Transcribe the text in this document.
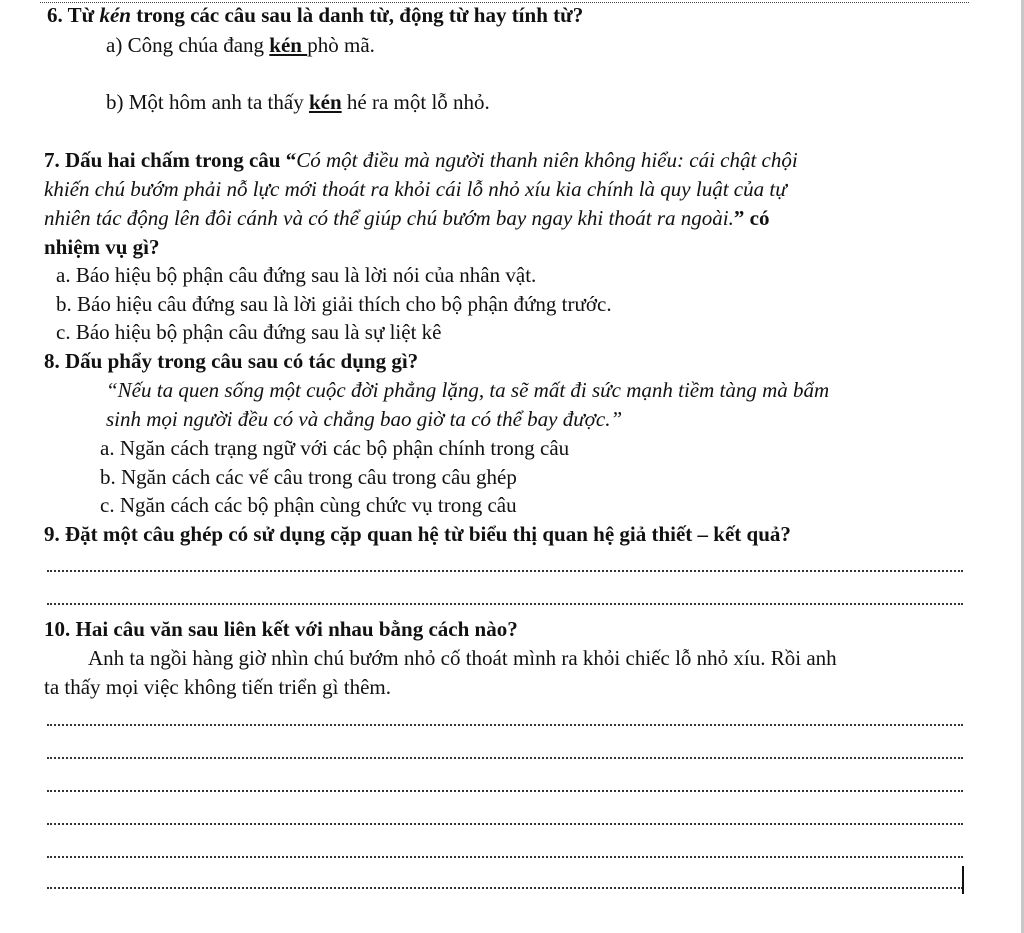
6. Từ kén trong các câu sau là danh từ, động từ hay tính từ?
a) Công chúa đang kén phò mã.
b) Một hôm anh ta thấy kén hé ra một lỗ nhỏ.
7. Dấu hai chấm trong câu “Có một điều mà người thanh niên không hiểu: cái chật chội
khiến chú bướm phải nỗ lực mới thoát ra khỏi cái lỗ nhỏ xíu kia chính là quy luật của tự
nhiên tác động lên đôi cánh và có thể giúp chú bướm bay ngay khi thoát ra ngoài.” có
nhiệm vụ gì?
a. Báo hiệu bộ phận câu đứng sau là lời nói của nhân vật.
b. Báo hiệu câu đứng sau là lời giải thích cho bộ phận đứng trước.
c. Báo hiệu bộ phận câu đứng sau là sự liệt kê
8. Dấu phẩy trong câu sau có tác dụng gì?
“Nếu ta quen sống một cuộc đời phẳng lặng, ta sẽ mất đi sức mạnh tiềm tàng mà bẩm
sinh mọi người đều có và chẳng bao giờ ta có thể bay được.”
a. Ngăn cách trạng ngữ với các bộ phận chính trong câu
b. Ngăn cách các vế câu trong câu trong câu ghép
c. Ngăn cách các bộ phận cùng chức vụ trong câu
9. Đặt một câu ghép có sử dụng cặp quan hệ từ biểu thị quan hệ giả thiết – kết quả?
10. Hai câu văn sau liên kết với nhau bằng cách nào?
Anh ta ngồi hàng giờ nhìn chú bướm nhỏ cố thoát mình ra khỏi chiếc lỗ nhỏ xíu. Rồi anh
ta thấy mọi việc không tiến triển gì thêm.
